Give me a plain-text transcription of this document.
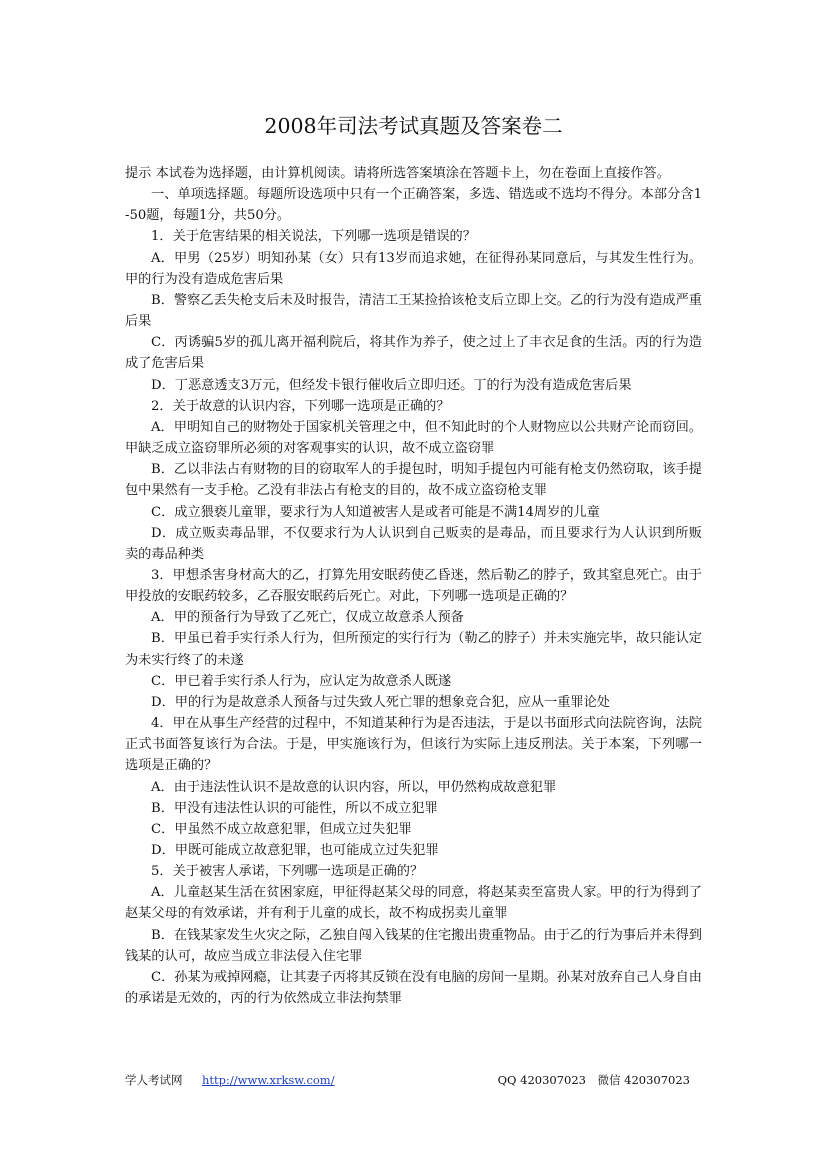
2008年司法考试真题及答案卷二

提示 本试卷为选择题，由计算机阅读。请将所选答案填涂在答题卡上，勿在卷面上直接作答。

一、单项选择题。每题所设选项中只有一个正确答案，多选、错选或不选均不得分。本部分含1-50题，每题1分，共50分。

1．关于危害结果的相关说法，下列哪一选项是错误的？

A．甲男（25岁）明知孙某（女）只有13岁而追求她，在征得孙某同意后，与其发生性行为。甲的行为没有造成危害后果

B．警察乙丢失枪支后未及时报告，清洁工王某捡拾该枪支后立即上交。乙的行为没有造成严重后果

C．丙诱骗5岁的孤儿离开福利院后，将其作为养子，使之过上了丰衣足食的生活。丙的行为造成了危害后果

D．丁恶意透支3万元，但经发卡银行催收后立即归还。丁的行为没有造成危害后果

2．关于故意的认识内容，下列哪一选项是正确的？

A．甲明知自己的财物处于国家机关管理之中，但不知此时的个人财物应以公共财产论而窃回。甲缺乏成立盗窃罪所必须的对客观事实的认识，故不成立盗窃罪

B．乙以非法占有财物的目的窃取军人的手提包时，明知手提包内可能有枪支仍然窃取，该手提包中果然有一支手枪。乙没有非法占有枪支的目的，故不成立盗窃枪支罪

C．成立猥亵儿童罪，要求行为人知道被害人是或者可能是不满14周岁的儿童

D．成立贩卖毒品罪，不仅要求行为人认识到自己贩卖的是毒品，而且要求行为人认识到所贩卖的毒品种类

3．甲想杀害身材高大的乙，打算先用安眠药使乙昏迷，然后勒乙的脖子，致其窒息死亡。由于甲投放的安眠药较多，乙吞服安眠药后死亡。对此，下列哪一选项是正确的？

A．甲的预备行为导致了乙死亡，仅成立故意杀人预备

B．甲虽已着手实行杀人行为，但所预定的实行行为（勒乙的脖子）并未实施完毕，故只能认定为未实行终了的未遂

C．甲已着手实行杀人行为，应认定为故意杀人既遂

D．甲的行为是故意杀人预备与过失致人死亡罪的想象竞合犯，应从一重罪论处

4．甲在从事生产经营的过程中，不知道某种行为是否违法，于是以书面形式向法院咨询，法院正式书面答复该行为合法。于是，甲实施该行为，但该行为实际上违反刑法。关于本案，下列哪一选项是正确的？

A．由于违法性认识不是故意的认识内容，所以，甲仍然构成故意犯罪

B．甲没有违法性认识的可能性，所以不成立犯罪

C．甲虽然不成立故意犯罪，但成立过失犯罪

D．甲既可能成立故意犯罪，也可能成立过失犯罪

5．关于被害人承诺，下列哪一选项是正确的？

A．儿童赵某生活在贫困家庭，甲征得赵某父母的同意，将赵某卖至富贵人家。甲的行为得到了赵某父母的有效承诺，并有利于儿童的成长，故不构成拐卖儿童罪

B．在钱某家发生火灾之际，乙独自闯入钱某的住宅搬出贵重物品。由于乙的行为事后并未得到钱某的认可，故应当成立非法侵入住宅罪

C．孙某为戒掉网瘾，让其妻子丙将其反锁在没有电脑的房间一星期。孙某对放弃自己人身自由的承诺是无效的，丙的行为依然成立非法拘禁罪

学人考试网 http://www.xrksw.com/	QQ 420307023　微信 420307023
